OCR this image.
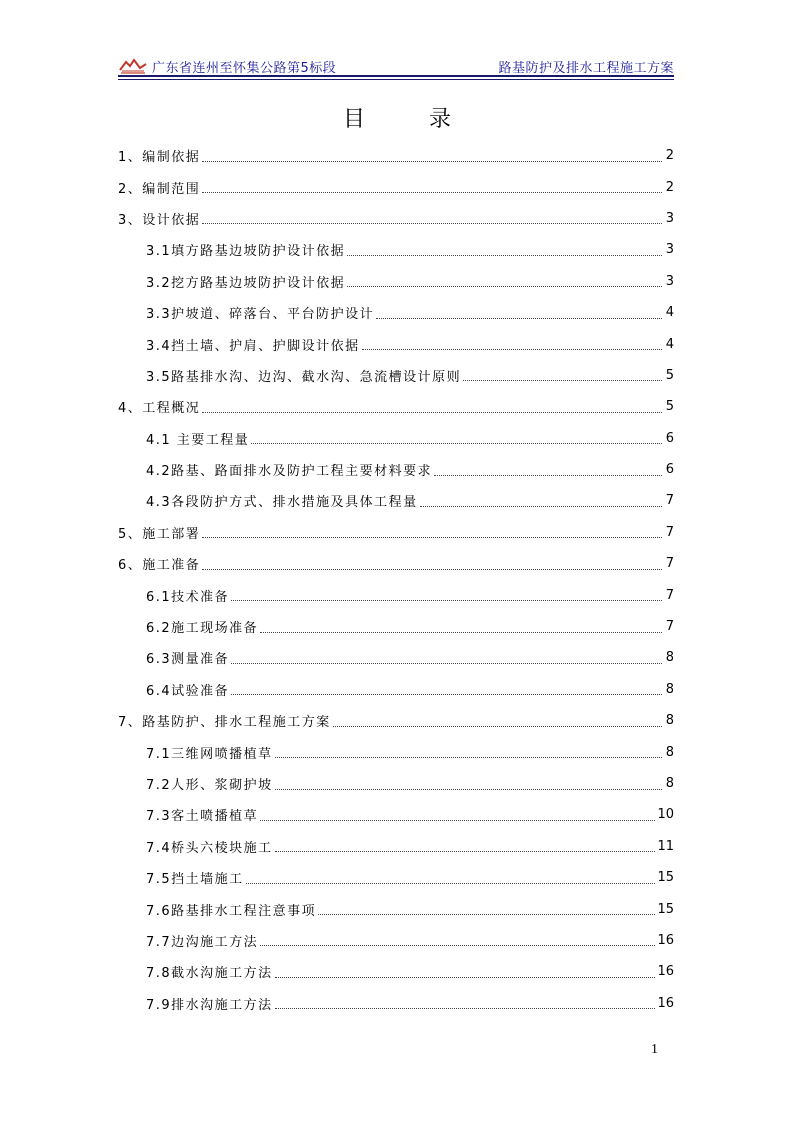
广东省连州至怀集公路第5标段	路基防护及排水工程施工方案
目录
1、编制依据	2
2、编制范围	2
3、设计依据	3
3.1填方路基边坡防护设计依据	3
3.2挖方路基边坡防护设计依据	3
3.3护坡道、碎落台、平台防护设计	4
3.4挡土墙、护肩、护脚设计依据	4
3.5路基排水沟、边沟、截水沟、急流槽设计原则	5
4、工程概况	5
4.1 主要工程量	6
4.2路基、路面排水及防护工程主要材料要求	6
4.3各段防护方式、排水措施及具体工程量	7
5、施工部署	7
6、施工准备	7
6.1技术准备	7
6.2施工现场准备	7
6.3测量准备	8
6.4试验准备	8
7、路基防护、排水工程施工方案	8
7.1三维网喷播植草	8
7.2人形、浆砌护坡	8
7.3客土喷播植草	10
7.4桥头六棱块施工	11
7.5挡土墙施工	15
7.6路基排水工程注意事项	15
7.7边沟施工方法	16
7.8截水沟施工方法	16
7.9排水沟施工方法	16
1
